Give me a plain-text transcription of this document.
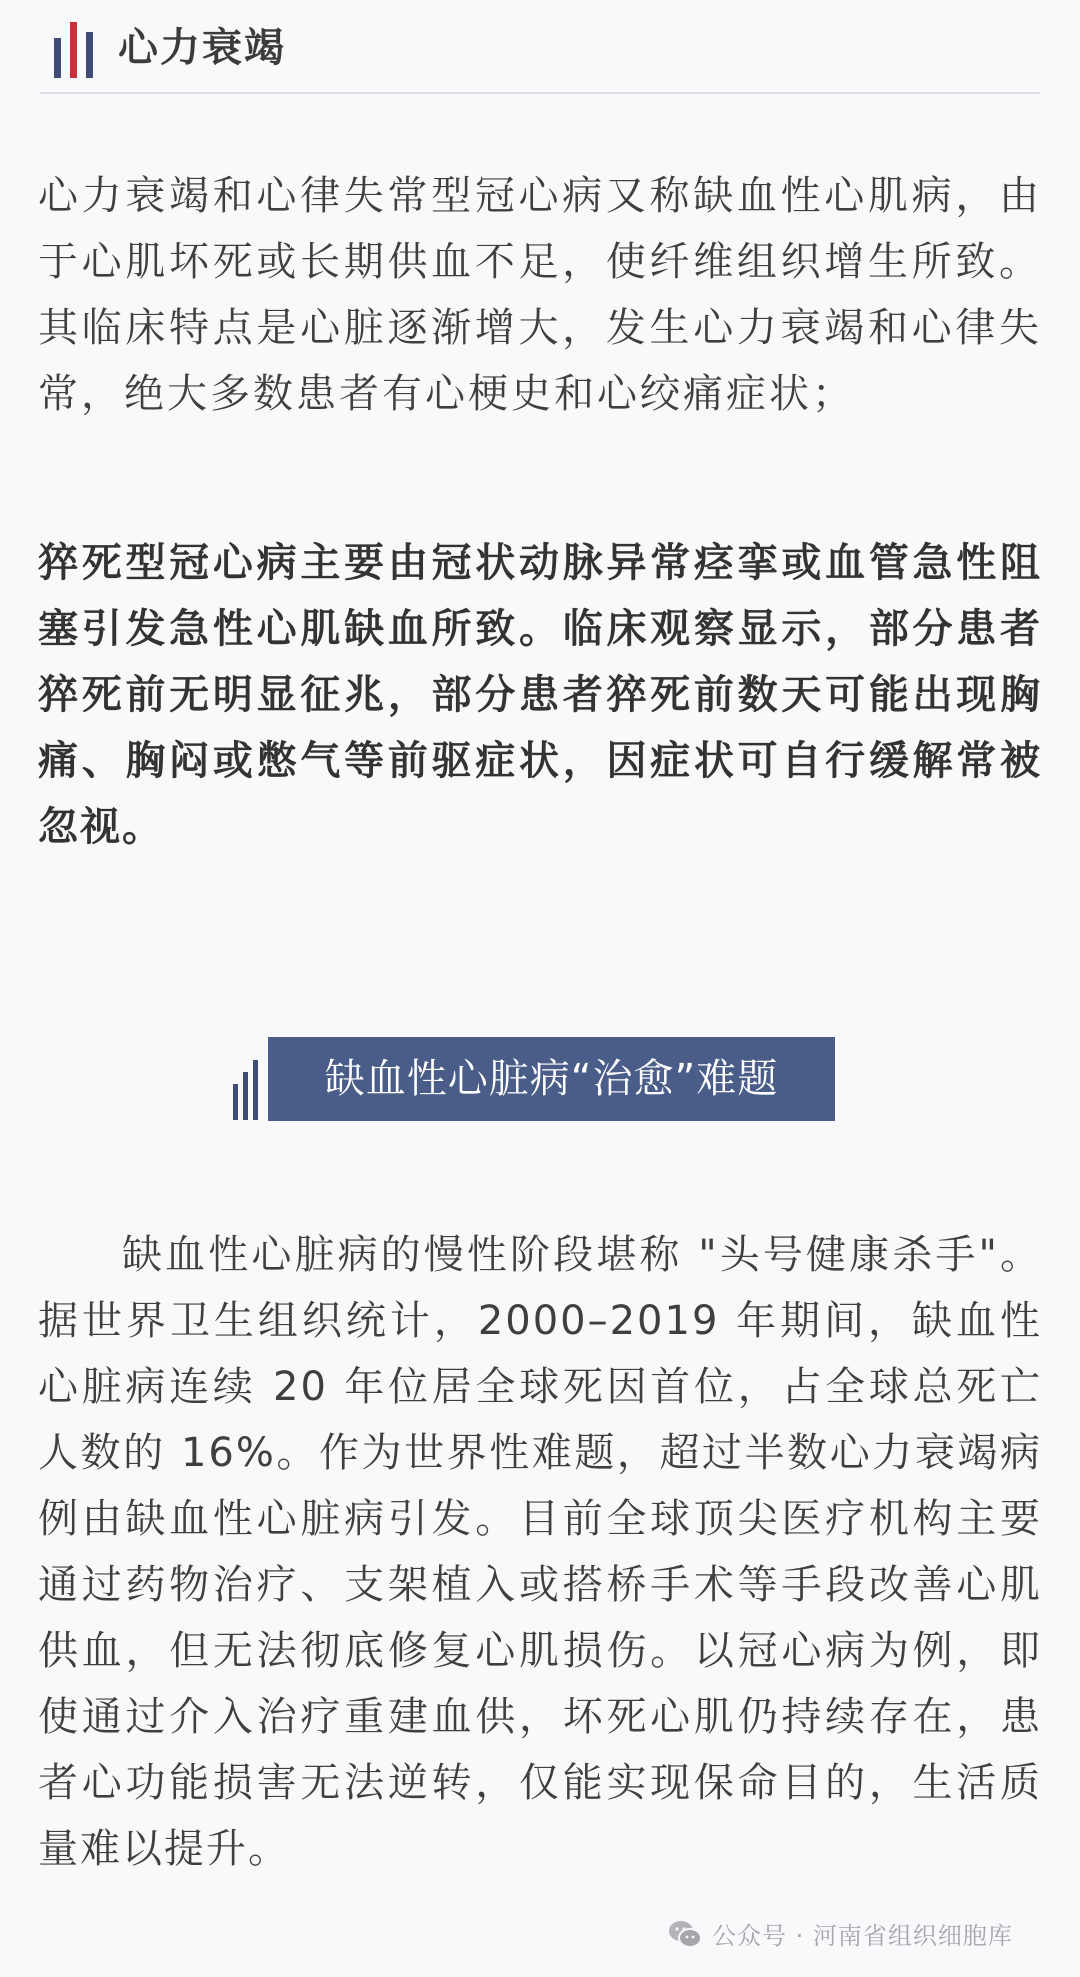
心力衰竭

心力衰竭和心律失常型冠心病又称缺血性心肌病，由于心肌坏死或长期供血不足，使纤维组织增生所致。其临床特点是心脏逐渐增大，发生心力衰竭和心律失常，绝大多数患者有心梗史和心绞痛症状；

猝死型冠心病主要由冠状动脉异常痉挛或血管急性阻塞引发急性心肌缺血所致。临床观察显示，部分患者猝死前无明显征兆，部分患者猝死前数天可能出现胸痛、胸闷或憋气等前驱症状，因症状可自行缓解常被忽视。

缺血性心脏病“治愈”难题

缺血性心脏病的慢性阶段堪称 "头号健康杀手"。据世界卫生组织统计，2000–2019 年期间，缺血性心脏病连续 20 年位居全球死因首位，占全球总死亡人数的 16%。作为世界性难题，超过半数心力衰竭病例由缺血性心脏病引发。目前全球顶尖医疗机构主要通过药物治疗、支架植入或搭桥手术等手段改善心肌供血，但无法彻底修复心肌损伤。以冠心病为例，即使通过介入治疗重建血供，坏死心肌仍持续存在，患者心功能损害无法逆转，仅能实现保命目的，生活质量难以提升。

公众号 · 河南省组织细胞库
